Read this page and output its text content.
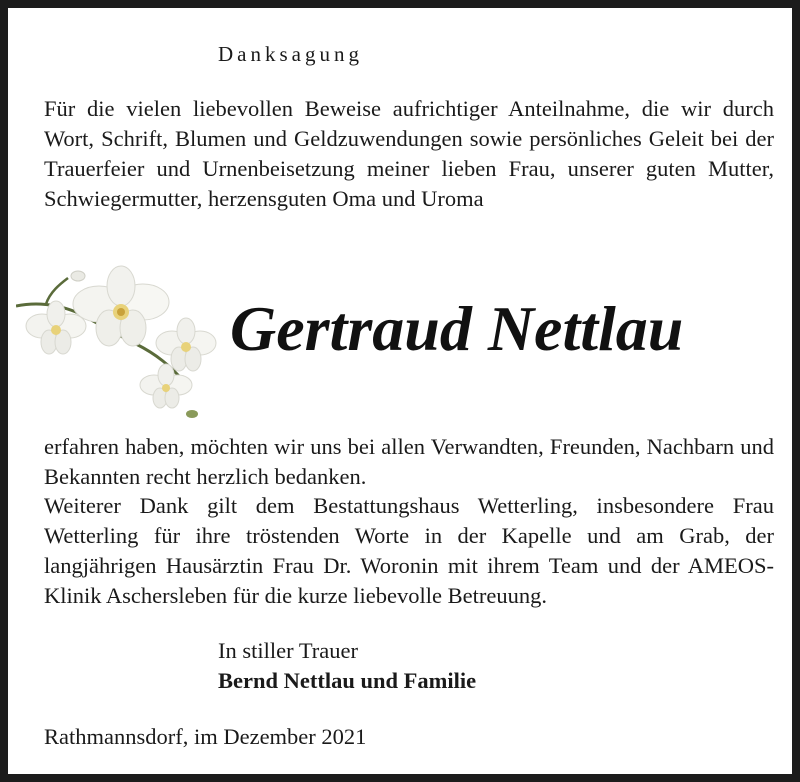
Danksagung

Für die vielen liebevollen Beweise aufrichtiger Anteilnahme, die wir durch Wort, Schrift, Blumen und Geldzuwendungen sowie persönliches Geleit bei der Trauerfeier und Urnenbeisetzung meiner lieben Frau, unserer guten Mutter, Schwiegermutter, herzensguten Oma und Uroma

Gertraud Nettlau

erfahren haben, möchten wir uns bei allen Verwandten, Freunden, Nachbarn und Bekannten recht herzlich bedanken.

Weiterer Dank gilt dem Bestattungshaus Wetterling, insbesondere Frau Wetterling für ihre tröstenden Worte in der Kapelle und am Grab, der langjährigen Hausärztin Frau Dr. Woronin mit ihrem Team und der AMEOS-Klinik Aschersleben für die kurze liebevolle Betreuung.

In stiller Trauer
Bernd Nettlau und Familie
Rathmannsdorf, im Dezember 2021
